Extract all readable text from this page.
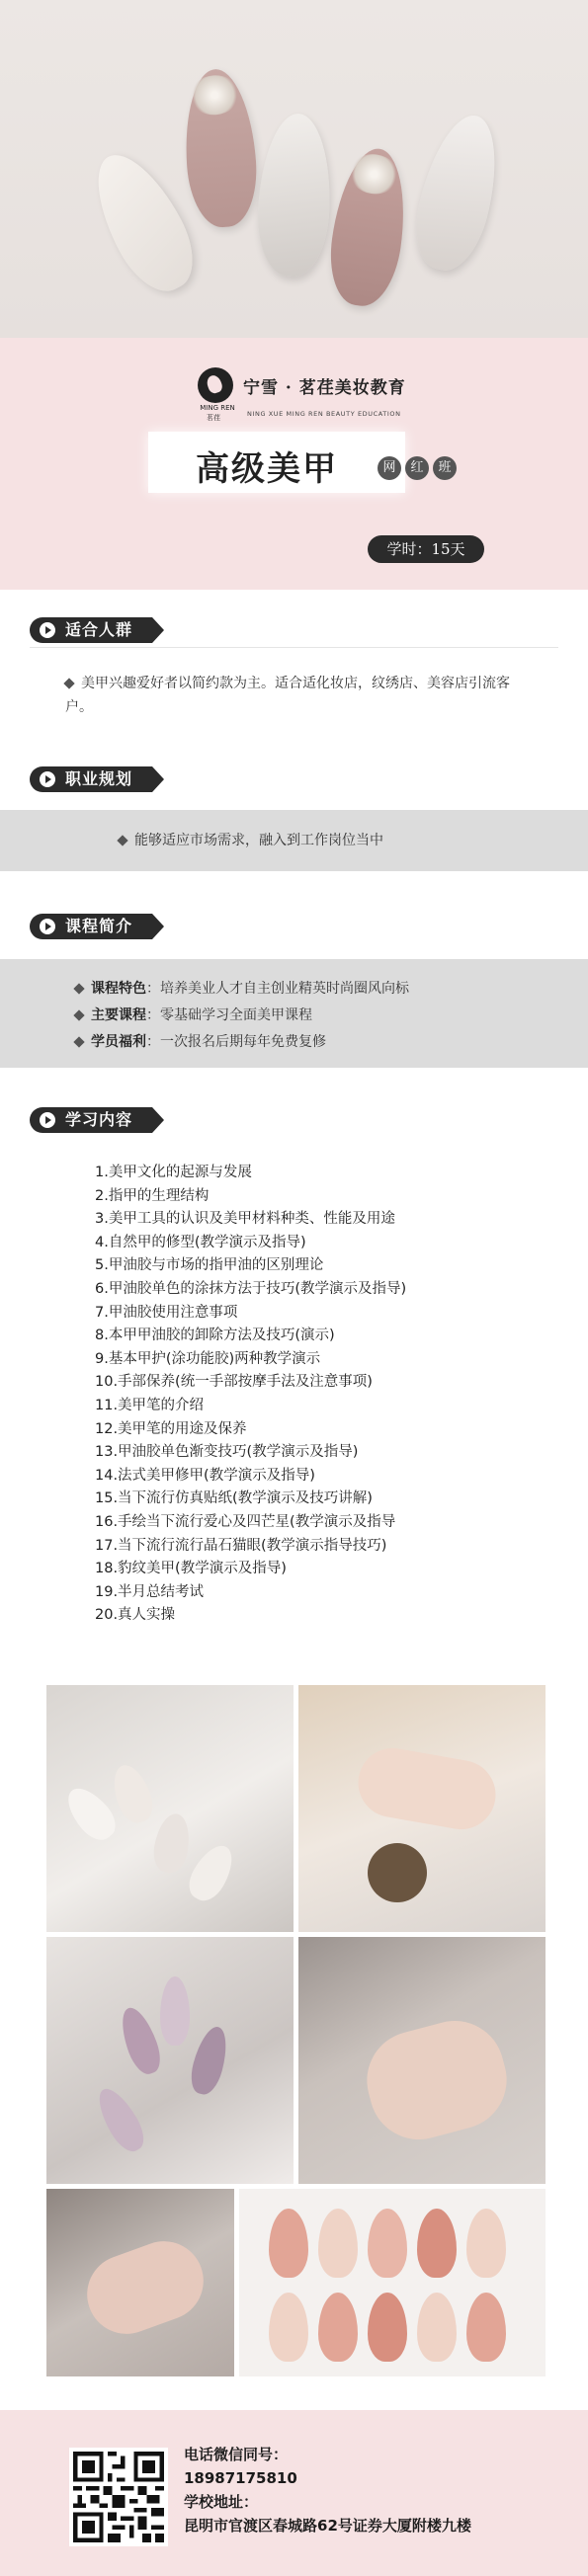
宁雪 · 茗荏美妆教育
MING REN
茗荏	NING XUE MING REN BEAUTY EDUCATION
高级美甲	网	红	班
学时：15天
适合人群
美甲兴趣爱好者以简约款为主。适合适化妆店，纹绣店、美容店引流客户。
职业规划
能够适应市场需求，融入到工作岗位当中
课程简介
课程特色：培养美业人才自主创业精英时尚圈风向标
主要课程：零基础学习全面美甲课程
学员福利：一次报名后期每年免费复修
学习内容
1.美甲文化的起源与发展
2.指甲的生理结构
3.美甲工具的认识及美甲材料种类、性能及用途
4.自然甲的修型(教学演示及指导)
5.甲油胶与市场的指甲油的区别理论
6.甲油胶单色的涂抹方法于技巧(教学演示及指导)
7.甲油胶使用注意事项
8.本甲甲油胶的卸除方法及技巧(演示)
9.基本甲护(涂功能胶)两种教学演示
10.手部保养(统一手部按摩手法及注意事项)
11.美甲笔的介绍
12.美甲笔的用途及保养
13.甲油胶单色渐变技巧(教学演示及指导)
14.法式美甲修甲(教学演示及指导)
15.当下流行仿真贴纸(教学演示及技巧讲解)
16.手绘当下流行爱心及四芒星(教学演示及指导
17.当下流行流行晶石猫眼(教学演示指导技巧)
18.豹纹美甲(教学演示及指导)
19.半月总结考试
20.真人实操
电话微信同号：
18987175810
学校地址：
昆明市官渡区春城路62号证券大厦附楼九楼
